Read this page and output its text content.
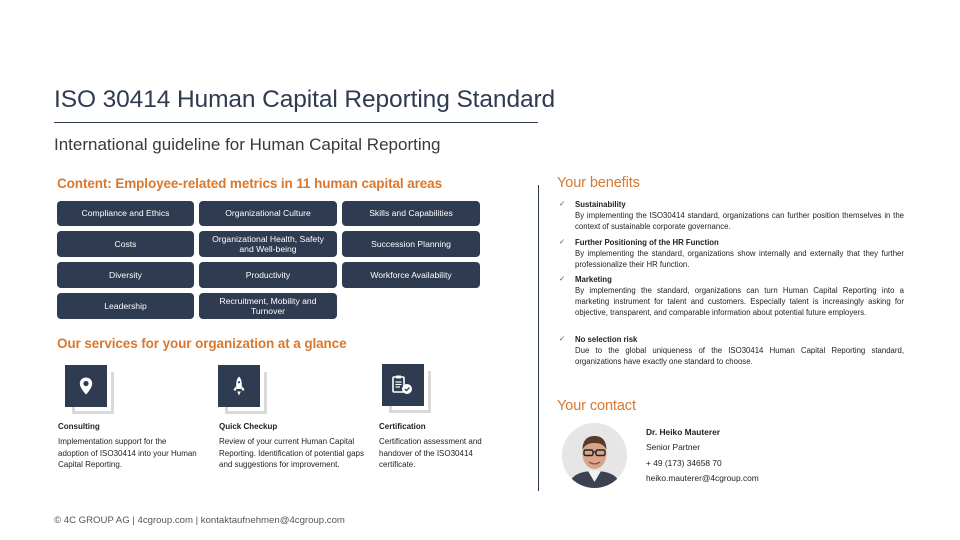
ISO 30414 Human Capital Reporting Standard
International guideline for Human Capital Reporting
Content: Employee-related metrics in 11 human capital areas
Compliance and Ethics	Organizational Culture	Skills and Capabilities
Costs
Organizational Health, Safety and Well-being
Succession Planning
Diversity	Productivity	Workforce Availability
Leadership
Recruitment, Mobility and Turnover
Our services for your organization at a glance
Consulting
Implementation support for the adoption of ISO30414 into your Human Capital Reporting.
Quick Checkup
Review of your current Human Capital Reporting. Identification of potential gaps and suggestions for improvement.
Certification
Certification assessment and handover of the ISO30414 certificate.
Your benefits
✓ Sustainability
By implementing the ISO30414 standard, organizations can further position themselves in the context of sustainable corporate governance.
✓ Further Positioning of the HR Function
By implementing the standard, organizations show internally and externally that they further professionalize their HR function.
✓ Marketing
By implementing the standard, organizations can turn Human Capital Reporting into a marketing instrument for talent and customers. Especially talent is increasingly asking for objective, transparent, and comparable information about potential future employers.
✓ No selection risk
Due to the global uniqueness of the ISO30414 Human Capital Reporting standard, organizations have exactly one standard to choose.
Your contact
Dr. Heiko Mauterer
Senior Partner
+ 49 (173) 34658 70
heiko.mauterer@4cgroup.com
© 4C GROUP AG | 4cgroup.com | kontaktaufnehmen@4cgroup.com
